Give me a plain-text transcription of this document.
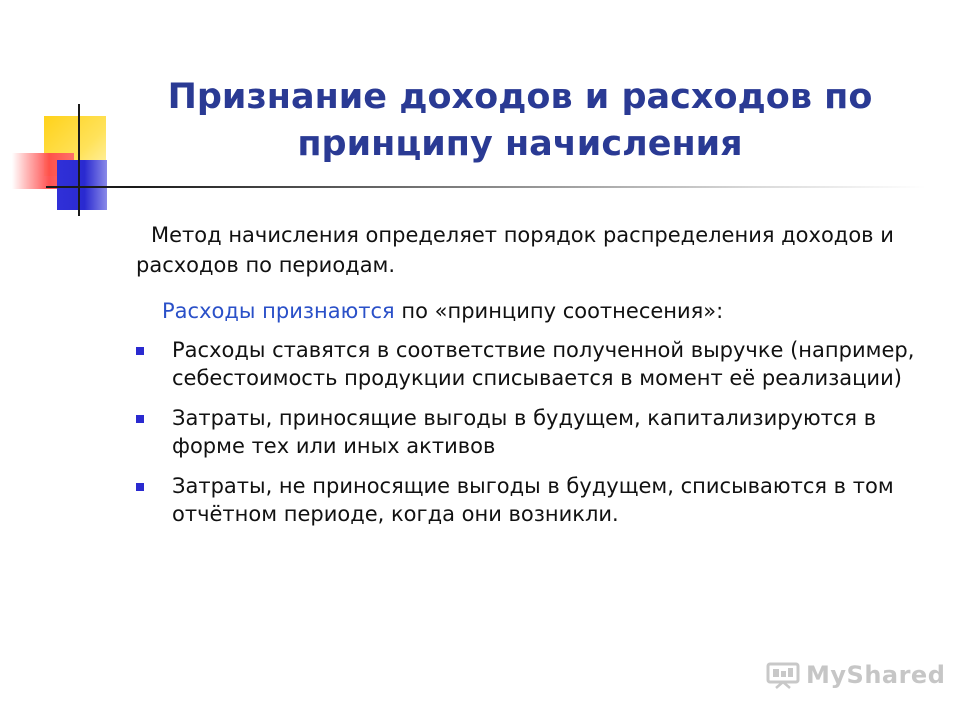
Признание доходов и расходов по принципу начисления
Метод начисления определяет порядок распределения доходов и расходов по периодам.
Расходы признаются по «принципу соотнесения»:
Расходы ставятся в соответствие полученной выручке (например, себестоимость продукции списывается в момент её реализации)
Затраты, приносящие выгоды в будущем, капитализируются в форме тех или иных активов
Затраты, не приносящие выгоды в будущем, списываются в том отчётном периоде, когда они возникли.
MyShared
